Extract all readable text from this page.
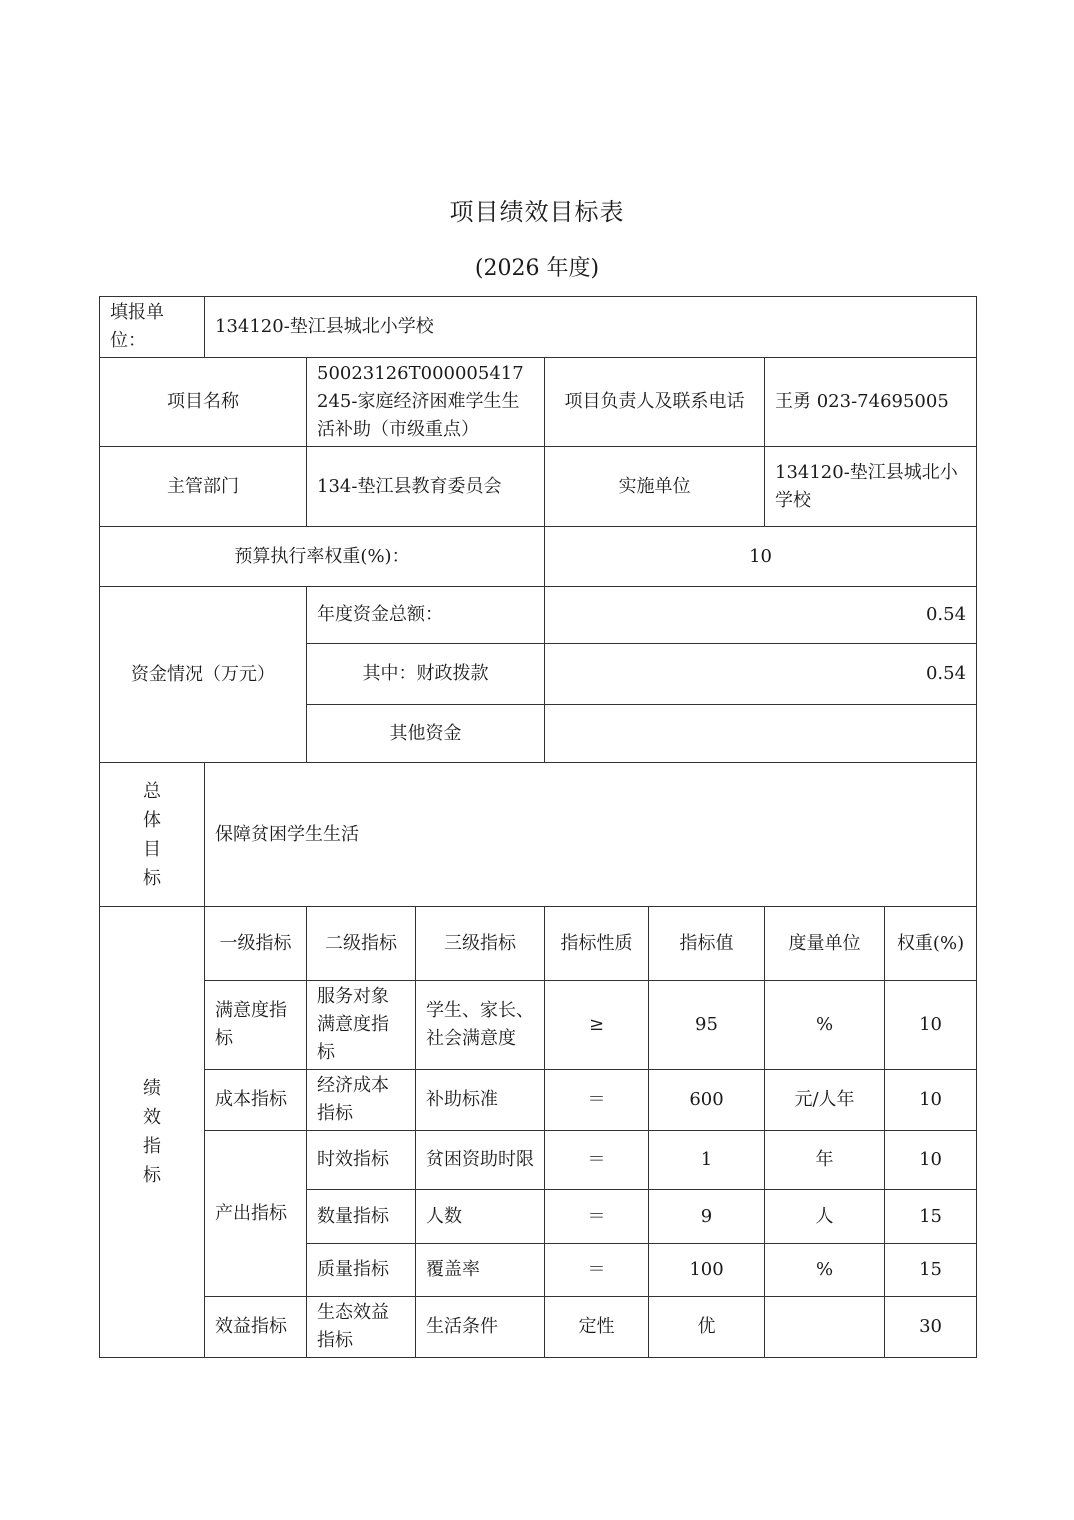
项目绩效目标表
(2026 年度)
填报单位：	134120-垫江县城北小学校						
项目名称		50023126T000005417245-家庭经济困难学生生活补助（市级重点）		项目负责人及联系电话		王勇 023-74695005	
主管部门		134-垫江县教育委员会		实施单位		134120-垫江县城北小学校	
预算执行率权重(%)：				10			
资金情况（万元）		年度资金总额：		0.54			
		其中：财政拨款		0.54			
		其他资金					
总体目标	保障贫困学生生活						
绩效指标	一级指标	二级指标	三级指标	指标性质	指标值	度量单位	权重(%)
	满意度指标	服务对象满意度指标	学生、家长、社会满意度	≥	95	%	10
	成本指标	经济成本指标	补助标准	＝	600	元/人年	10
	产出指标	时效指标	贫困资助时限	＝	1	年	10
		数量指标	人数	＝	9	人	15
		质量指标	覆盖率	＝	100	%	15
	效益指标	生态效益指标	生活条件	定性	优		30
